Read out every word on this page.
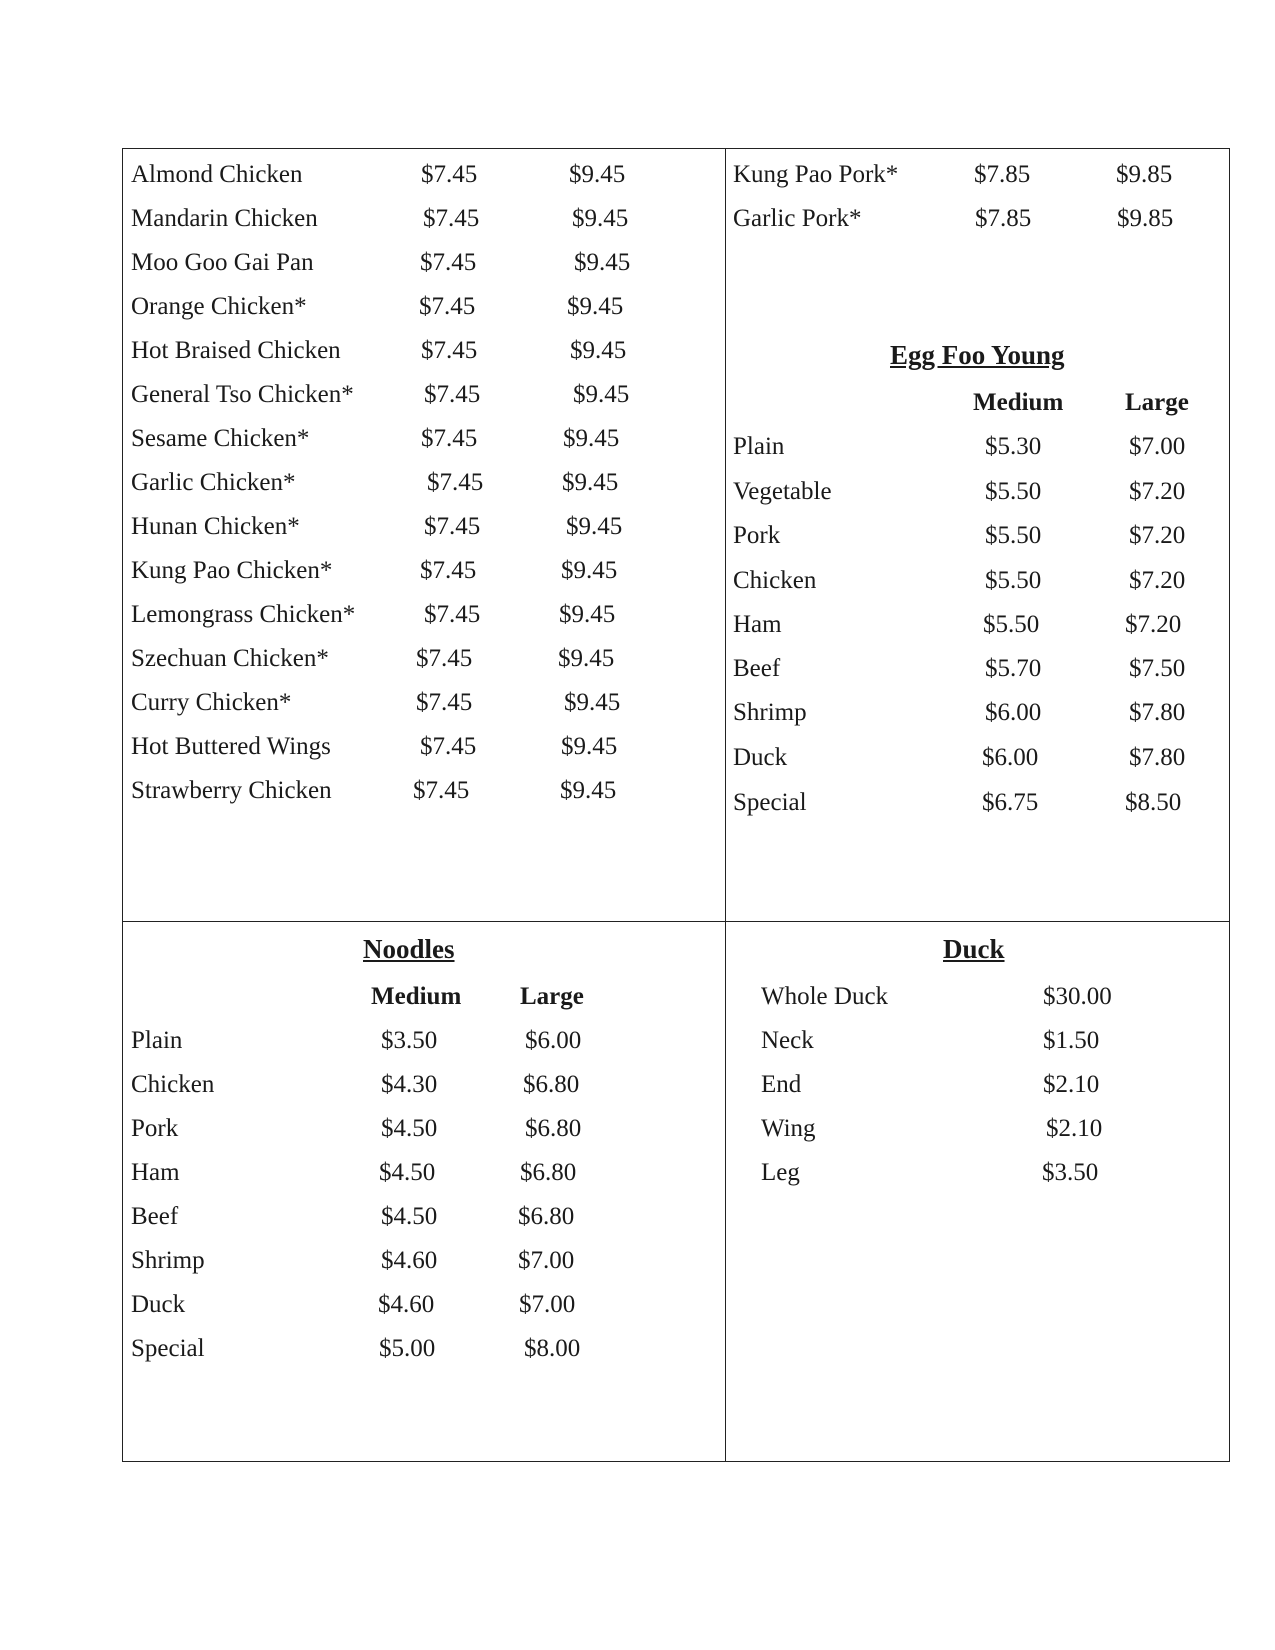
Almond Chicken	$7.45	$9.45
Mandarin Chicken	$7.45	$9.45
Moo Goo Gai Pan	$7.45	$9.45
Orange Chicken*	$7.45	$9.45
Hot Braised Chicken	$7.45	$9.45
General Tso Chicken*	$7.45	$9.45
Sesame Chicken*	$7.45	$9.45
Garlic Chicken*	$7.45	$9.45
Hunan Chicken*	$7.45	$9.45
Kung Pao Chicken*	$7.45	$9.45
Lemongrass Chicken*	$7.45	$9.45
Szechuan Chicken*	$7.45	$9.45
Curry Chicken*	$7.45	$9.45
Hot Buttered Wings	$7.45	$9.45
Strawberry Chicken	$7.45	$9.45
Kung Pao Pork*	$7.85	$9.85
Garlic Pork*	$7.85	$9.85
Egg Foo Young
Medium Large
Plain	$5.30	$7.00
Vegetable	$5.50	$7.20
Pork	$5.50	$7.20
Chicken	$5.50	$7.20
Ham	$5.50	$7.20
Beef	$5.70	$7.50
Shrimp	$6.00	$7.80
Duck	$6.00	$7.80
Special	$6.75	$8.50
Noodles
Medium Large
Plain	$3.50	$6.00
Chicken	$4.30	$6.80
Pork	$4.50	$6.80
Ham	$4.50	$6.80
Beef	$4.50	$6.80
Shrimp	$4.60	$7.00
Duck	$4.60	$7.00
Special	$5.00	$8.00
Duck
Whole Duck	$30.00
Neck	$1.50
End	$2.10
Wing	$2.10
Leg	$3.50
